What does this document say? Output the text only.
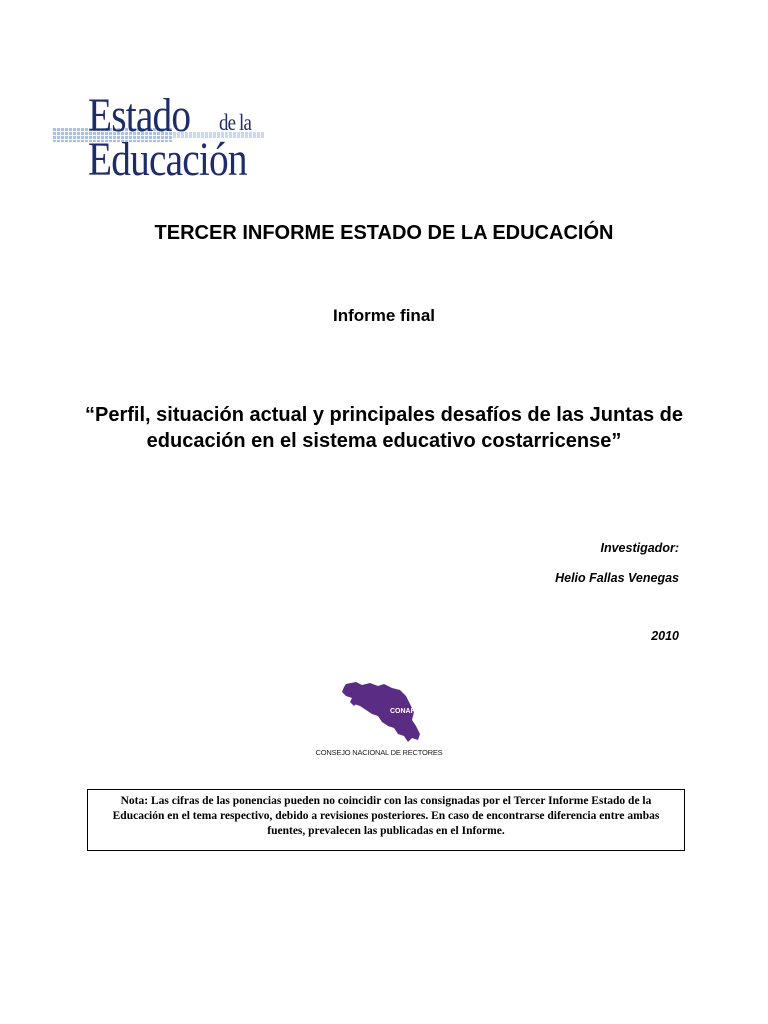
Estado de la
Educación
TERCER INFORME ESTADO DE LA EDUCACIÓN
Informe final
“Perfil, situación actual y principales desafíos de las Juntas de educación en el sistema educativo costarricense”
Investigador:
Helio Fallas Venegas
2010
CONARE
CONSEJO NACIONAL DE RECTORES
Nota: Las cifras de las ponencias pueden no coincidir con las consignadas por el Tercer Informe Estado de la Educación en el tema respectivo, debido a revisiones posteriores. En caso de encontrarse diferencia entre ambas fuentes, prevalecen las publicadas en el Informe.
